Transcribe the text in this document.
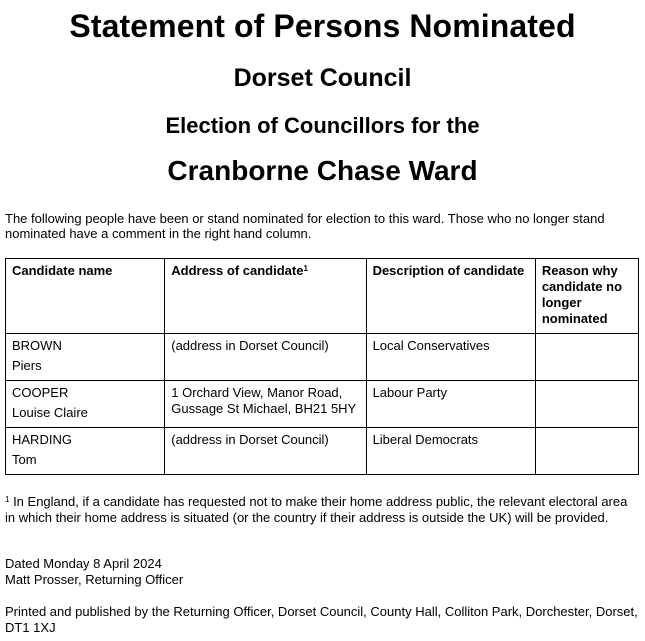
Statement of Persons Nominated
Dorset Council
Election of Councillors for the
Cranborne Chase Ward
The following people have been or stand nominated for election to this ward. Those who no longer stand nominated have a comment in the right hand column.
Candidate name	Address of candidate$^1$	Description of candidate	Reason why candidate no longer nominated

BROWN
Piers	(address in Dorset Council)	Local Conservatives	

COOPER
Louise Claire	1 Orchard View, Manor Road, Gussage St Michael, BH21 5HY	Labour Party	

HARDING
Tom	(address in Dorset Council)	Liberal Democrats	
$^1$ In England, if a candidate has requested not to make their home address public, the relevant electoral area in which their home address is situated (or the country if their address is outside the UK) will be provided.
Dated Monday 8 April 2024
Matt Prosser, Returning Officer
Printed and published by the Returning Officer, Dorset Council, County Hall, Colliton Park, Dorchester, Dorset, DT1 1XJ
